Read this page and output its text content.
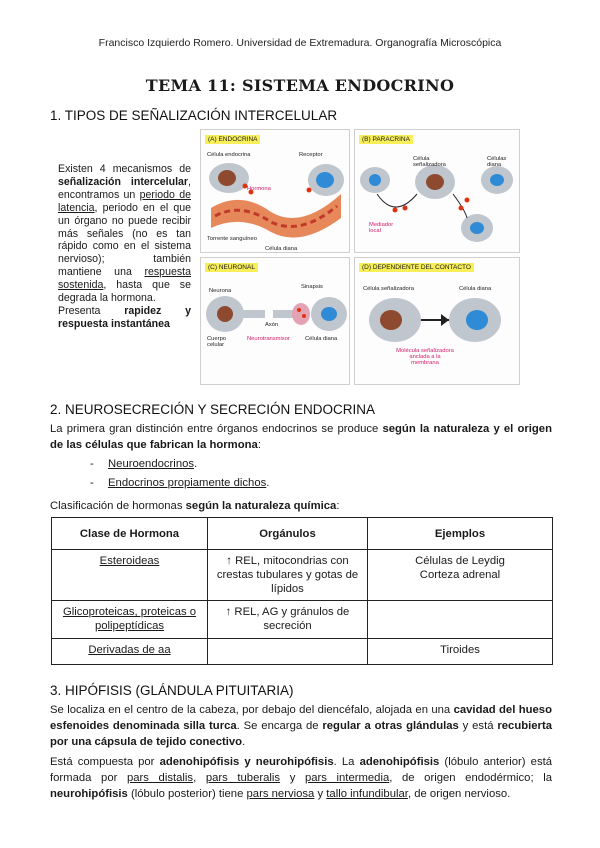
Francisco Izquierdo Romero. Universidad de Extremadura. Organografía Microscópica
TEMA 11: SISTEMA ENDOCRINO
1. TIPOS DE SEÑALIZACIÓN INTERCELULAR
Existen 4 mecanismos de señalización intercelular, encontramos un periodo de latencia, periodo en el que un órgano no puede recibir más señales (no es tan rápido como en el sistema nervioso); también mantiene una respuesta sostenida, hasta que se degrada la hormona.
Presenta rapidez y respuesta instantánea
(A) ENDOCRINA
Célula endocrina	Receptor
Hormona
Torrente sanguíneo
Célula diana
(B) PARACRINA
Célula señalizadora
Células diana
Mediador local
(C) NEURONAL
Neurona
Sinapsis
Axón
Cuerpo celular
Neurotransmisor	Célula diana
(D) DEPENDIENTE DEL CONTACTO
Célula señalizadora	Célula diana
Molécula señalizadora anclada a la membrana
2. NEUROSECRECIÓN Y SECRECIÓN ENDOCRINA
La primera gran distinción entre órganos endocrinos se produce según la naturaleza y el origen de las células que fabrican la hormona:
- Neuroendocrinos.
- Endocrinos propiamente dichos.
Clasificación de hormonas según la naturaleza química:
Clase de Hormona	Orgánulos	Ejemplos
Esteroideas	↑ REL, mitocondrias con crestas tubulares y gotas de lípidos	Células de Leydig
Corteza adrenal
Glicoproteicas, proteicas o polipeptídicas	↑ REL, AG y gránulos de secreción	
Derivadas de aa		Tiroides
3. HIPÓFISIS (GLÁNDULA PITUITARIA)
Se localiza en el centro de la cabeza, por debajo del diencéfalo, alojada en una cavidad del hueso esfenoides denominada silla turca. Se encarga de regular a otras glándulas y está recubierta por una cápsula de tejido conectivo.
Está compuesta por adenohipófisis y neurohipófisis. La adenohipófisis (lóbulo anterior) está formada por pars distalis, pars tuberalis y pars intermedia, de origen endodérmico; la neurohipófisis (lóbulo posterior) tiene pars nerviosa y tallo infundibular, de origen nervioso.
